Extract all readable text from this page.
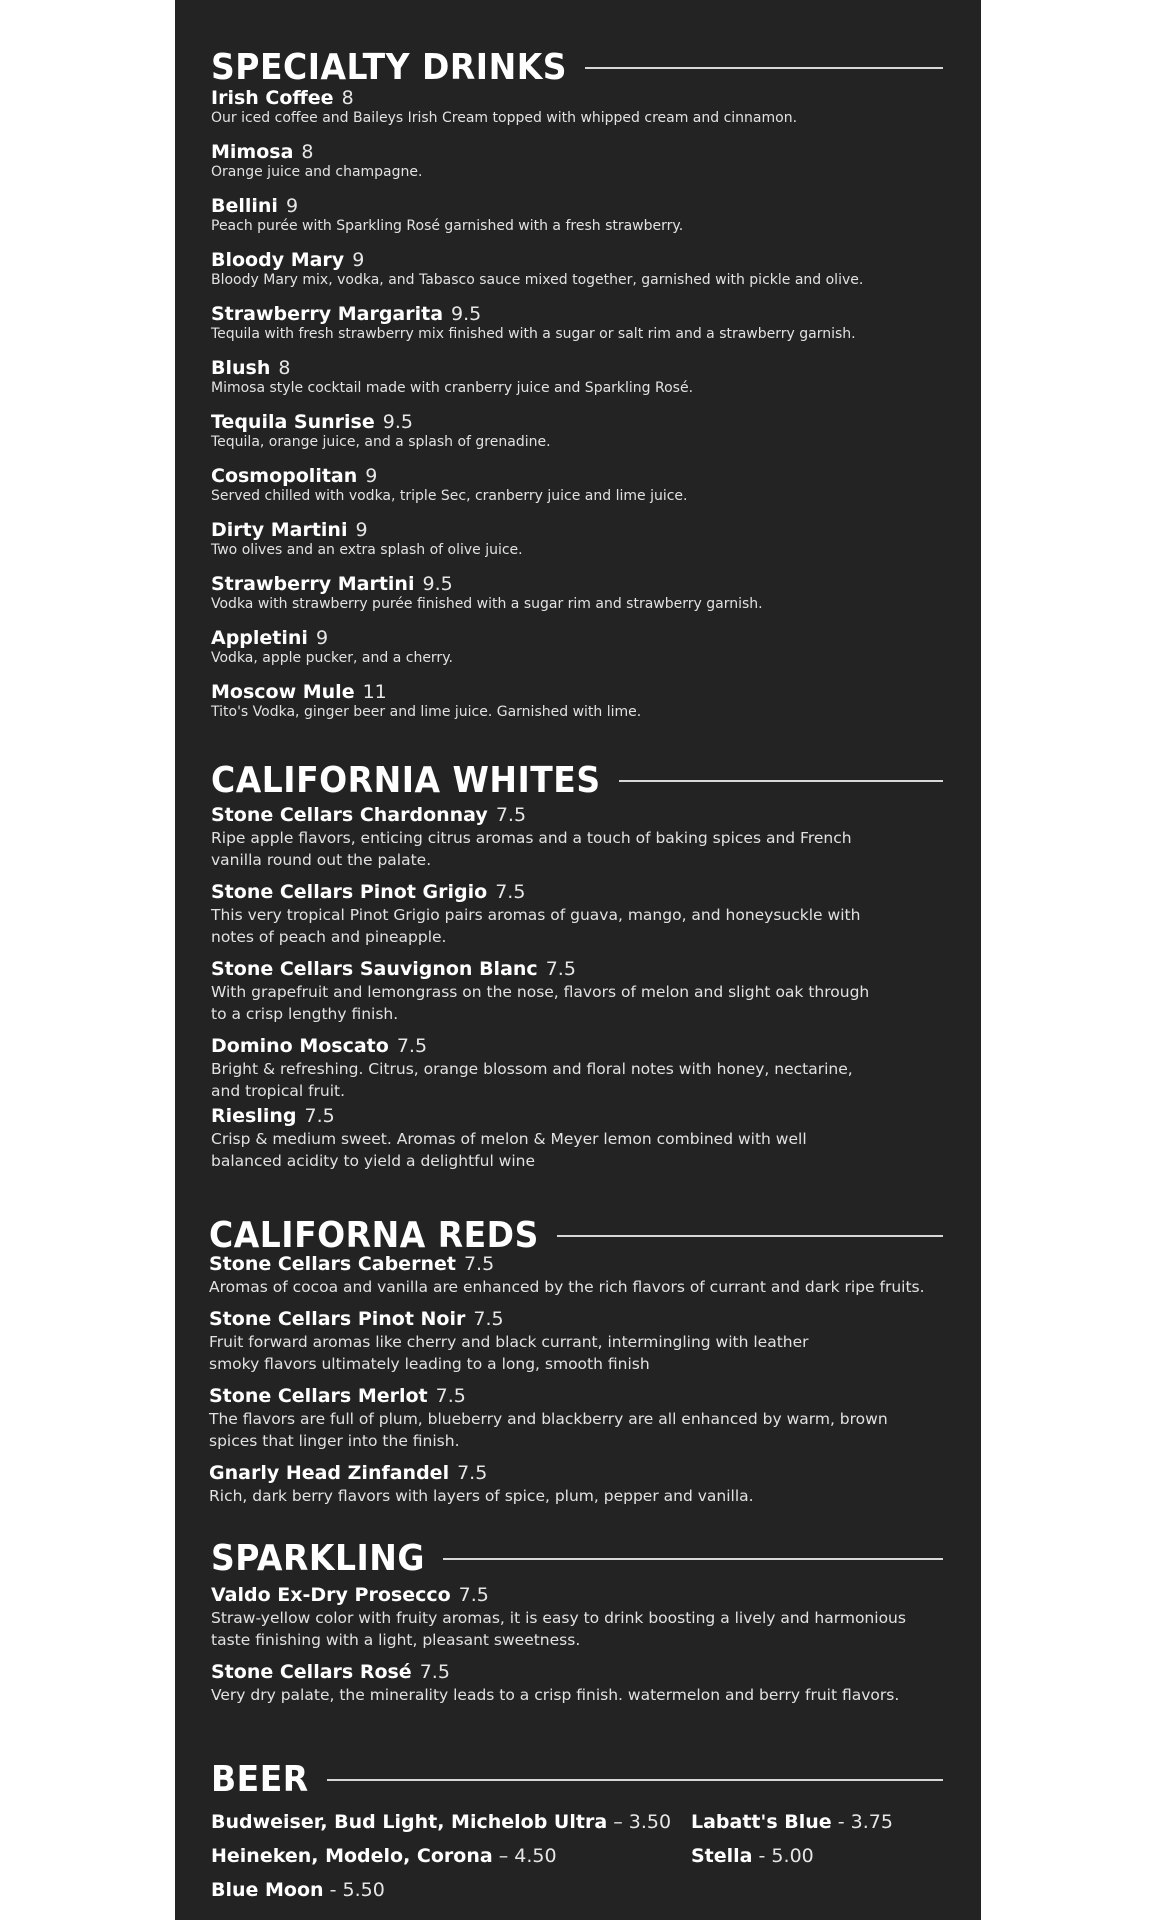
SPECIALTY DRINKS
Irish Coffee 8
Our iced coffee and Baileys Irish Cream topped with whipped cream and cinnamon.
Mimosa 8
Orange juice and champagne.
Bellini 9
Peach purée with Sparkling Rosé garnished with a fresh strawberry.
Bloody Mary 9
Bloody Mary mix, vodka, and Tabasco sauce mixed together, garnished with pickle and olive.
Strawberry Margarita 9.5
Tequila with fresh strawberry mix finished with a sugar or salt rim and a strawberry garnish.
Blush 8
Mimosa style cocktail made with cranberry juice and Sparkling Rosé.
Tequila Sunrise 9.5
Tequila, orange juice, and a splash of grenadine.
Cosmopolitan 9
Served chilled with vodka, triple Sec, cranberry juice and lime juice.
Dirty Martini 9
Two olives and an extra splash of olive juice.
Strawberry Martini 9.5
Vodka with strawberry purée finished with a sugar rim and strawberry garnish.
Appletini 9
Vodka, apple pucker, and a cherry.
Moscow Mule 11
Tito's Vodka, ginger beer and lime juice. Garnished with lime.
CALIFORNIA WHITES
Stone Cellars Chardonnay 7.5
Ripe apple flavors, enticing citrus aromas and a touch of baking spices and French
vanilla round out the palate.
Stone Cellars Pinot Grigio 7.5
This very tropical Pinot Grigio pairs aromas of guava, mango, and honeysuckle with
notes of peach and pineapple.
Stone Cellars Sauvignon Blanc 7.5
With grapefruit and lemongrass on the nose, flavors of melon and slight oak through
to a crisp lengthy finish.
Domino Moscato 7.5
Bright & refreshing. Citrus, orange blossom and floral notes with honey, nectarine,
and tropical fruit.
Riesling 7.5
Crisp & medium sweet. Aromas of melon & Meyer lemon combined with well
balanced acidity to yield a delightful wine
CALIFORNA REDS
Stone Cellars Cabernet 7.5
Aromas of cocoa and vanilla are enhanced by the rich flavors of currant and dark ripe fruits.
Stone Cellars Pinot Noir 7.5
Fruit forward aromas like cherry and black currant, intermingling with leather
smoky flavors ultimately leading to a long, smooth finish
Stone Cellars Merlot 7.5
The flavors are full of plum, blueberry and blackberry are all enhanced by warm, brown
spices that linger into the finish.
Gnarly Head Zinfandel 7.5
Rich, dark berry flavors with layers of spice, plum, pepper and vanilla.
SPARKLING
Valdo Ex-Dry Prosecco 7.5
Straw-yellow color with fruity aromas, it is easy to drink boosting a lively and harmonious
taste finishing with a light, pleasant sweetness.
Stone Cellars Rosé 7.5
Very dry palate, the minerality leads to a crisp finish. watermelon and berry fruit flavors.
BEER
Budweiser, Bud Light, Michelob Ultra – 3.50 Labatt's Blue - 3.75
Heineken, Modelo, Corona – 4.50	Stella - 5.00
Blue Moon - 5.50
